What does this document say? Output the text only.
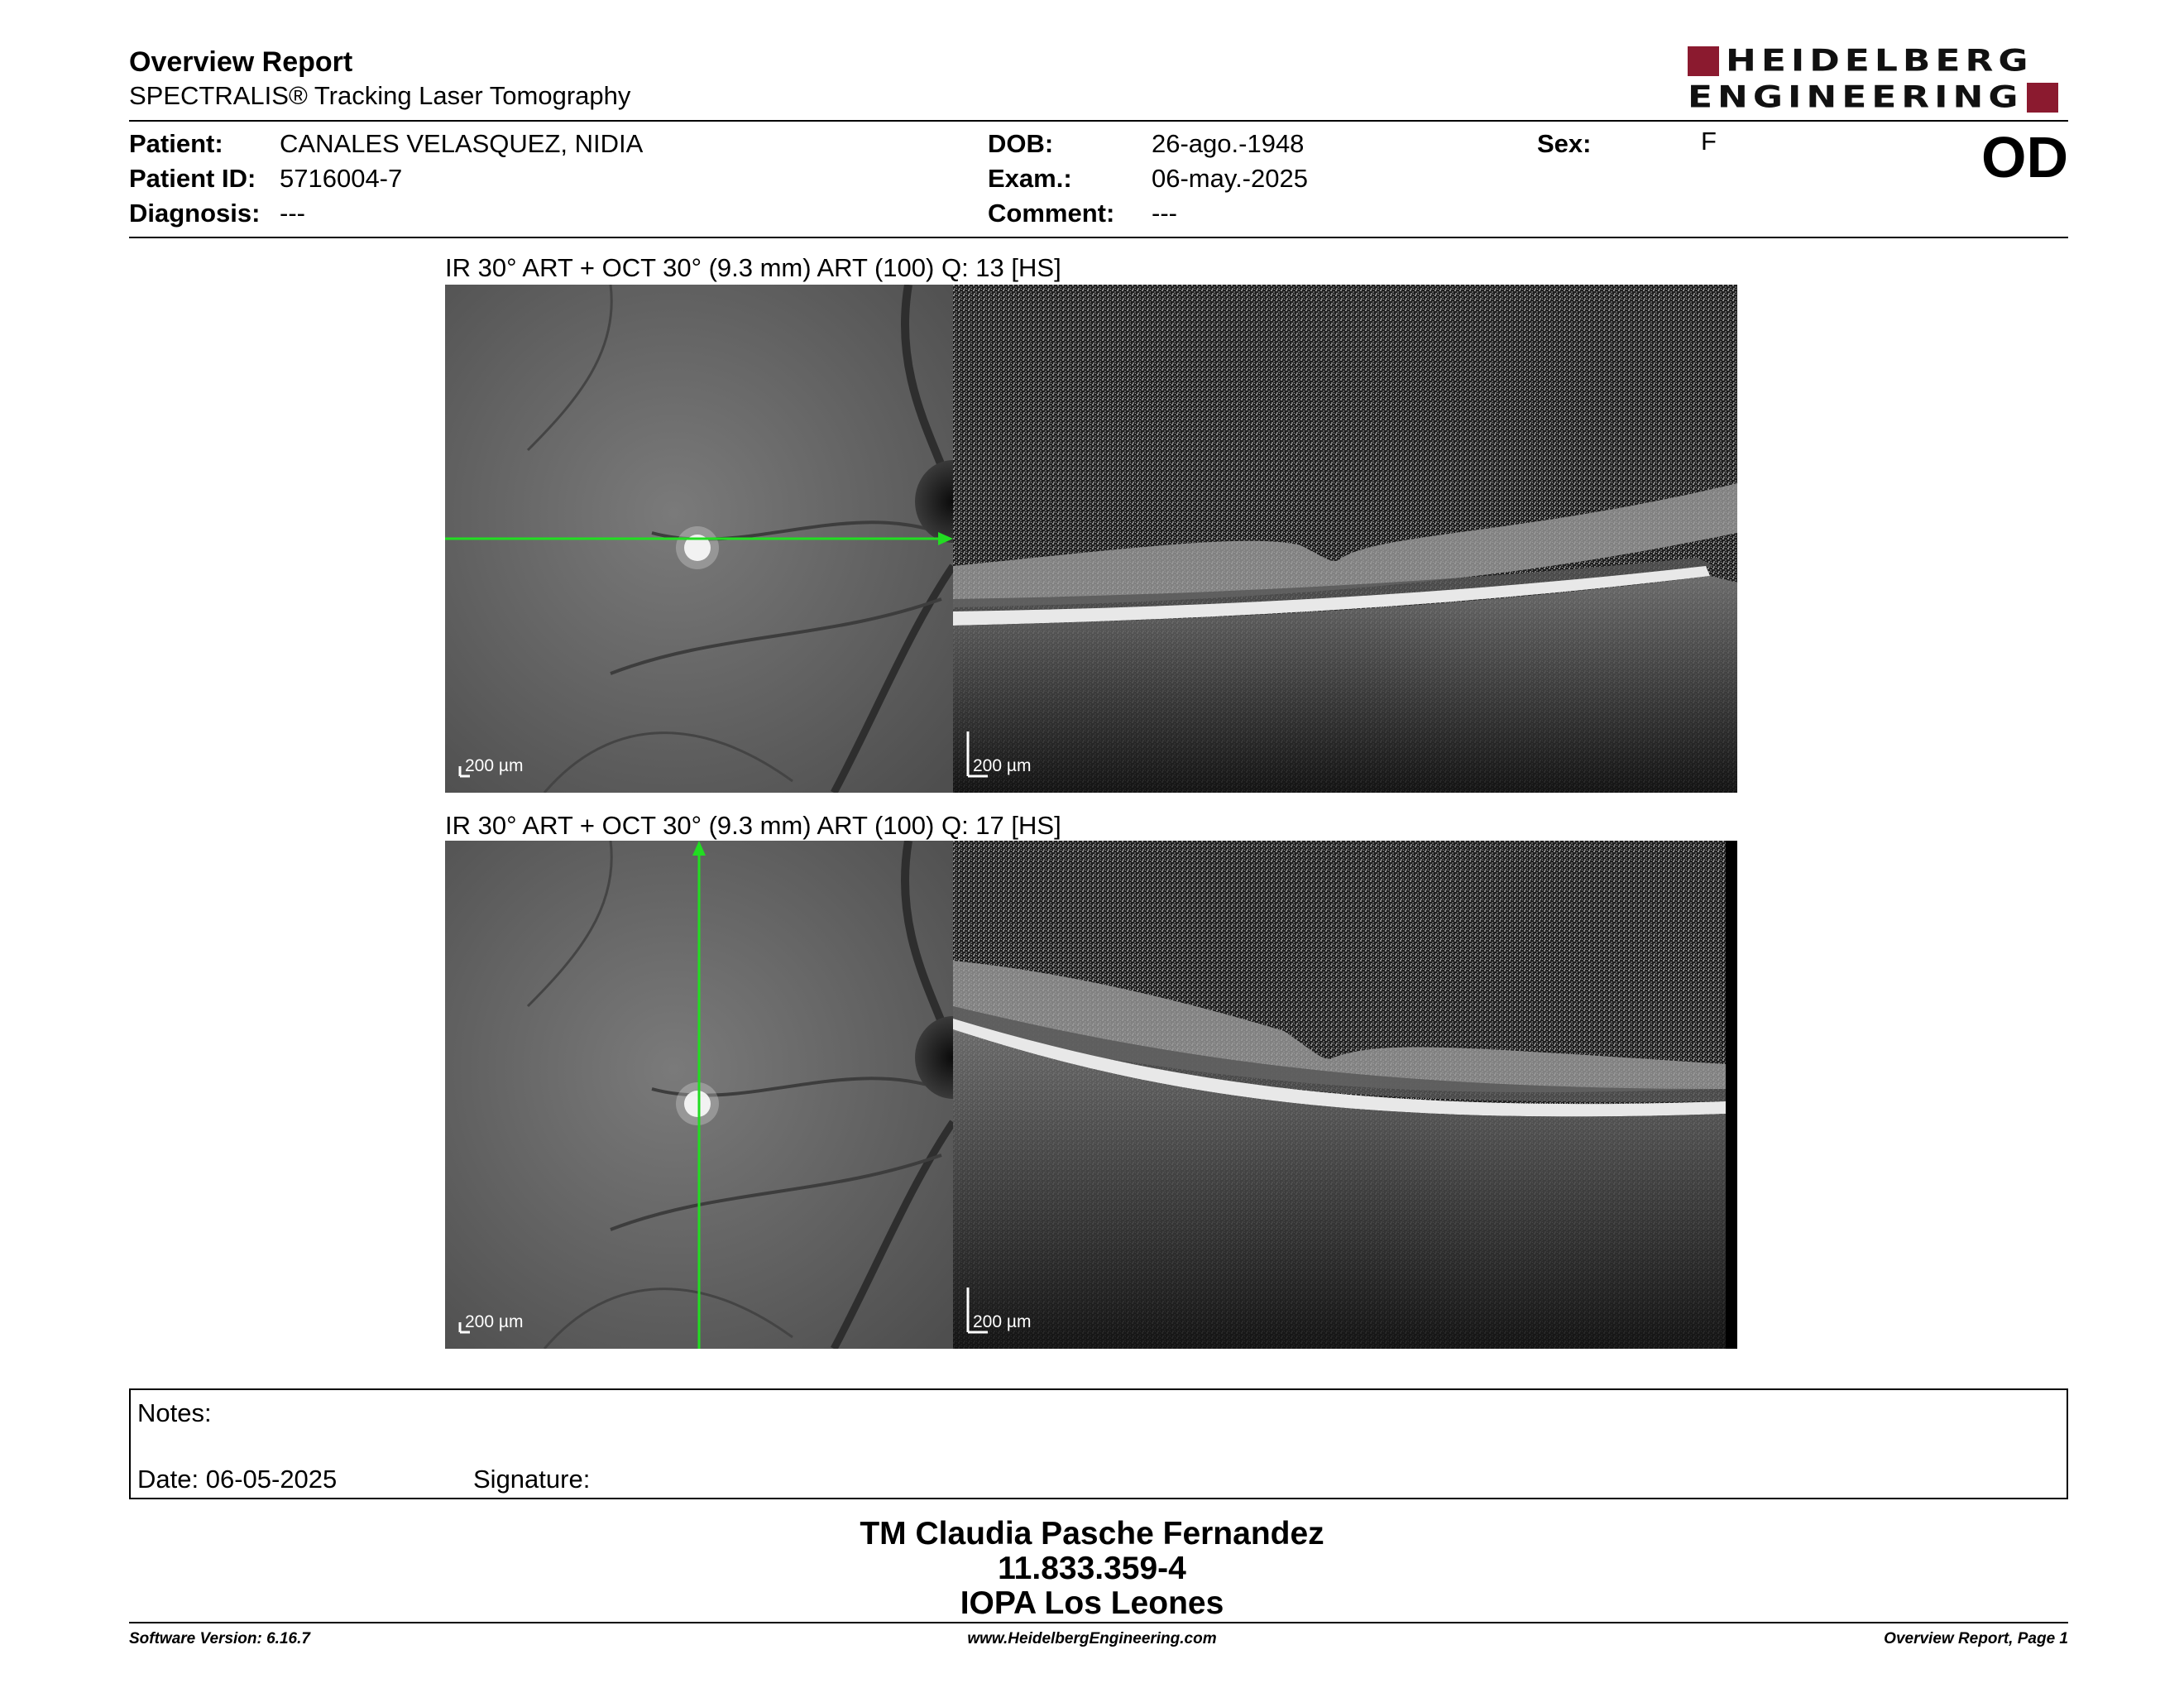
Overview Report
SPECTRALIS® Tracking Laser Tomography
HEIDELBERG
ENGINEERING
Patient: CANALES VELASQUEZ, NIDIA
Patient ID: 5716004-7
Diagnosis: ---
DOB:	26-ago.-1948
Exam.:	06-may.-2025
Comment: ---
Sex:	F	OD
IR 30° ART + OCT 30° (9.3 mm) ART (100) Q: 13 [HS]
200 µm	200 µm
IR 30° ART + OCT 30° (9.3 mm) ART (100) Q: 17 [HS]
200 µm	200 µm
Notes:
Date: 06-05-2025	Signature:
TM Claudia Pasche Fernandez
11.833.359-4
IOPA Los Leones
Software Version: 6.16.7	www.HeidelbergEngineering.com	Overview Report, Page 1
